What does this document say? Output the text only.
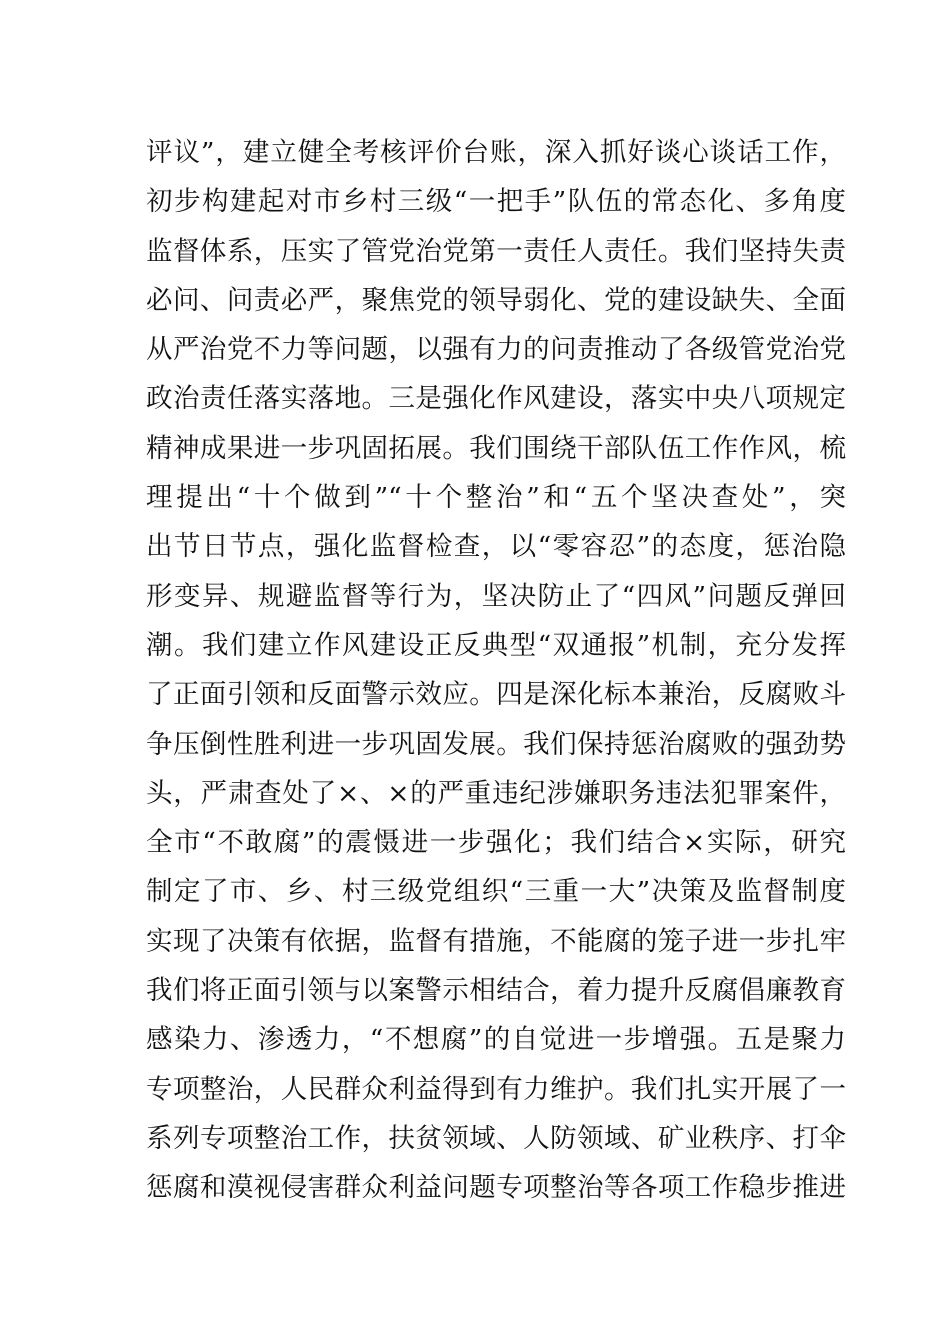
评议”，建立健全考核评价台账，深入抓好谈心谈话工作，
初步构建起对市乡村三级“一把手”队伍的常态化、多角度
监督体系，压实了管党治党第一责任人责任。我们坚持失责
必问、问责必严，聚焦党的领导弱化、党的建设缺失、全面
从严治党不力等问题，以强有力的问责推动了各级管党治党
政治责任落实落地。三是强化作风建设，落实中央八项规定
精神成果进一步巩固拓展。我们围绕干部队伍工作作风，梳
理提出“十个做到”“十个整治”和“五个坚决查处”，突
出节日节点，强化监督检查，以“零容忍”的态度，惩治隐
形变异、规避监督等行为，坚决防止了“四风”问题反弹回
潮。我们建立作风建设正反典型“双通报”机制，充分发挥
了正面引领和反面警示效应。四是深化标本兼治，反腐败斗
争压倒性胜利进一步巩固发展。我们保持惩治腐败的强劲势
头，严肃查处了×、×的严重违纪涉嫌职务违法犯罪案件，
全市“不敢腐”的震慑进一步强化；我们结合×实际，研究
制定了市、乡、村三级党组织“三重一大”决策及监督制度
实现了决策有依据，监督有措施，不能腐的笼子进一步扎牢
我们将正面引领与以案警示相结合，着力提升反腐倡廉教育
感染力、渗透力，“不想腐”的自觉进一步增强。五是聚力
专项整治，人民群众利益得到有力维护。我们扎实开展了一
系列专项整治工作，扶贫领域、人防领域、矿业秩序、打伞
惩腐和漠视侵害群众利益问题专项整治等各项工作稳步推进
